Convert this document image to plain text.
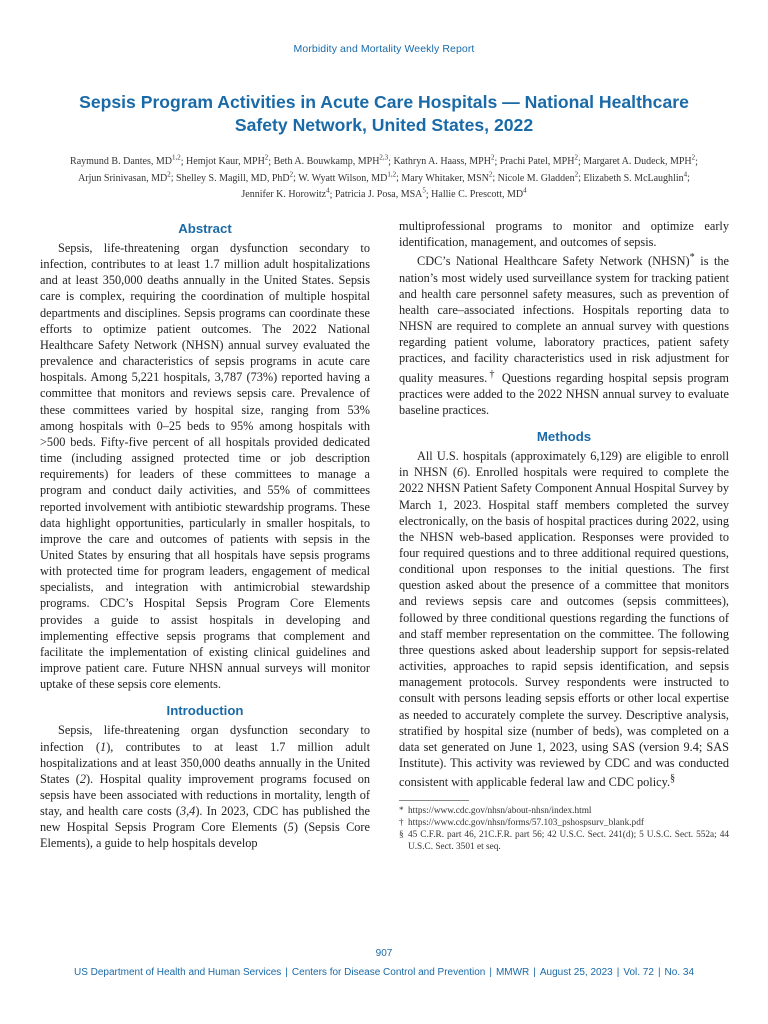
Morbidity and Mortality Weekly Report
Sepsis Program Activities in Acute Care Hospitals — National Healthcare
Safety Network, United States, 2022
Raymund B. Dantes, MD$^{1,2}$; Hemjot Kaur, MPH$^2$; Beth A. Bouwkamp, MPH$^{2,3}$; Kathryn A. Haass, MPH$^2$; Prachi Patel, MPH$^2$; Margaret A. Dudeck, MPH$^2$;
Arjun Srinivasan, $MD^2$; Shelley S. Magill, MD, PhD$^2$; W. Wyatt Wilson, MD$^{1,2}$; Mary Whitaker, MSN$^2$; Nicole M. Gladden$^2$; Elizabeth S. McLaughlin$^4$;
Jennifer K. Horowitz$^4$; Patricia J. Posa, MSA$^5$; Hallie C. Prescott, $MD^4$
Abstract

Sepsis, life-threatening organ dysfunction secondary to infection, contributes to at least 1.7 million adult hospitalizations and at least 350,000 deaths annually in the United States. Sepsis care is complex, requiring the coordination of multiple hospital departments and disciplines. Sepsis programs can coordinate these efforts to optimize patient outcomes. The 2022 National Healthcare Safety Network (NHSN) annual survey evaluated the prevalence and characteristics of sepsis programs in acute care hospitals. Among 5,221 hospitals, 3,787 (73%) reported having a committee that monitors and reviews sepsis care. Prevalence of these committees varied by hospital size, ranging from 53% among hospitals with 0–25 beds to 95% among hospitals with >500 beds. Fifty-five percent of all hospitals provided dedicated time (including assigned protected time or job description requirements) for leaders of these committees to manage a program and conduct daily activities, and 55% of committees reported involvement with antibiotic stewardship programs. These data highlight opportunities, particularly in smaller hospitals, to improve the care and outcomes of patients with sepsis in the United States by ensuring that all hospitals have sepsis programs with protected time for program leaders, engagement of medical specialists, and integration with antimicrobial stewardship programs. CDC’s Hospital Sepsis Program Core Elements provides a guide to assist hospitals in developing and implementing effective sepsis programs that complement and facilitate the implementation of existing clinical guidelines and improve patient care. Future NHSN annual surveys will monitor uptake of these sepsis core elements.

Introduction

Sepsis, life-threatening organ dysfunction secondary to infection (1), contributes to at least 1.7 million adult hospitalizations and at least 350,000 deaths annually in the United States (2). Hospital quality improvement programs focused on sepsis have been associated with reductions in mortality, length of stay, and health care costs (3,4). In 2023, CDC has published the new Hospital Sepsis Program Core Elements (5) (Sepsis Core Elements), a guide to help hospitals develop

multiprofessional programs to monitor and optimize early identification, management, and outcomes of sepsis.

CDC’s National Healthcare Safety Network (NHSN)* is the nation’s most widely used surveillance system for tracking patient and health care personnel safety measures, such as prevention of health care–associated infections. Hospitals reporting data to NHSN are required to complete an annual survey with questions regarding patient volume, laboratory practices, patient safety practices, and facility characteristics used in risk adjustment for quality measures.† Questions regarding hospital sepsis program practices were added to the 2022 NHSN annual survey to evaluate baseline practices.

Methods

All U.S. hospitals (approximately 6,129) are eligible to enroll in NHSN (6). Enrolled hospitals were required to complete the 2022 NHSN Patient Safety Component Annual Hospital Survey by March 1, 2023. Hospital staff members completed the survey electronically, on the basis of hospital practices during 2022, using the NHSN web-based application. Responses were provided to four required questions and to three additional required questions, conditional upon responses to the initial questions. The first question asked about the presence of a committee that monitors and reviews sepsis care and outcomes (sepsis committees), followed by three conditional questions regarding the functions of and staff member representation on the committee. The following three questions asked about leadership support for sepsis-related activities, approaches to rapid sepsis identification, and sepsis management protocols. Survey respondents were instructed to consult with persons leading sepsis efforts or other local expertise as needed to accurately complete the survey. Descriptive analysis, stratified by hospital size (number of beds), was completed on a data set generated on June 1, 2023, using SAS (version 9.4; SAS Institute). This activity was reviewed by CDC and was conducted consistent with applicable federal law and CDC policy.§

* https://www.cdc.gov/nhsn/about-nhsn/index.html
† https://www.cdc.gov/nhsn/forms/57.103_pshospsurv_blank.pdf
§ 45 C.F.R. part 46, 21C.F.R. part 56; 42 U.S.C. Sect. 241(d); 5 U.S.C. Sect. 552a; 44 U.S.C. Sect. 3501 et seq.
907
US Department of Health and Human Services | Centers for Disease Control and Prevention | MMWR | August 25, 2023 | Vol. 72 | No. 34
